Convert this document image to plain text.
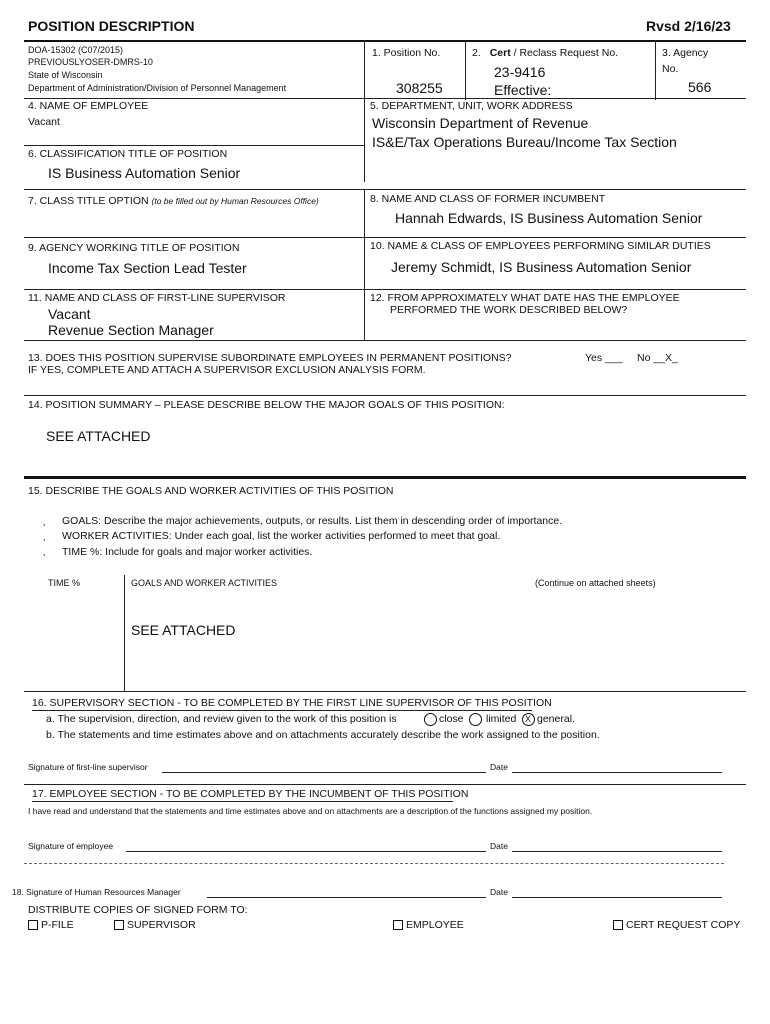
POSITION DESCRIPTION	Rvsd 2/16/23
DOA-15302 (C07/2015)
PREVIOUSLYOSER-DMRS-10
State of Wisconsin
Department of Administration/Division of Personnel Management
1. Position No.
308255
2. Cert / Reclass Request No.
23-9416
Effective:
3. Agency
No.
566
4. NAME OF EMPLOYEE
Vacant
5. DEPARTMENT, UNIT, WORK ADDRESS
Wisconsin Department of Revenue
IS&E/Tax Operations Bureau/Income Tax Section
6. CLASSIFICATION TITLE OF POSITION
IS Business Automation Senior
7. CLASS TITLE OPTION (to be filled out by Human Resources Office)	8. NAME AND CLASS OF FORMER INCUMBENT
Hannah Edwards, IS Business Automation Senior
9. AGENCY WORKING TITLE OF POSITION
Income Tax Section Lead Tester
10. NAME & CLASS OF EMPLOYEES PERFORMING SIMILAR DUTIES
Jeremy Schmidt, IS Business Automation Senior
11. NAME AND CLASS OF FIRST-LINE SUPERVISOR
Vacant
Revenue Section Manager
12. FROM APPROXIMATELY WHAT DATE HAS THE EMPLOYEE
PERFORMED THE WORK DESCRIBED BELOW?
13. DOES THIS POSITION SUPERVISE SUBORDINATE EMPLOYEES IN PERMANENT POSITIONS?	Yes ___ No __X_
IF YES, COMPLETE AND ATTACH A SUPERVISOR EXCLUSION ANALYSIS FORM.
14. POSITION SUMMARY – PLEASE DESCRIBE BELOW THE MAJOR GOALS OF THIS POSITION:
SEE ATTACHED
15. DESCRIBE THE GOALS AND WORKER ACTIVITIES OF THIS POSITION
‚
‚
‚
GOALS: Describe the major achievements, outputs, or results. List them in descending order of importance.
WORKER ACTIVITIES: Under each goal, list the worker activities performed to meet that goal.
TIME %: Include for goals and major worker activities.
TIME %	GOALS AND WORKER ACTIVITIES	(Continue on attached sheets)
SEE ATTACHED
16. SUPERVISORY SECTION - TO BE COMPLETED BY THE FIRST LINE SUPERVISOR OF THIS POSITION
a. The supervision, direction, and review given to the work of this position is	close limited X general.
b. The statements and time estimates above and on attachments accurately describe the work assigned to the position.
Signature of first-line supervisor	Date
17. EMPLOYEE SECTION - TO BE COMPLETED BY THE INCUMBENT OF THIS POSITION
I have read and understand that the statements and time estimates above and on attachments are a description of the functions assigned my position.
Signature of employee	Date
18. Signature of Human Resources Manager	Date
DISTRIBUTE COPIES OF SIGNED FORM TO:
P-FILE	SUPERVISOR	EMPLOYEE	CERT REQUEST COPY
